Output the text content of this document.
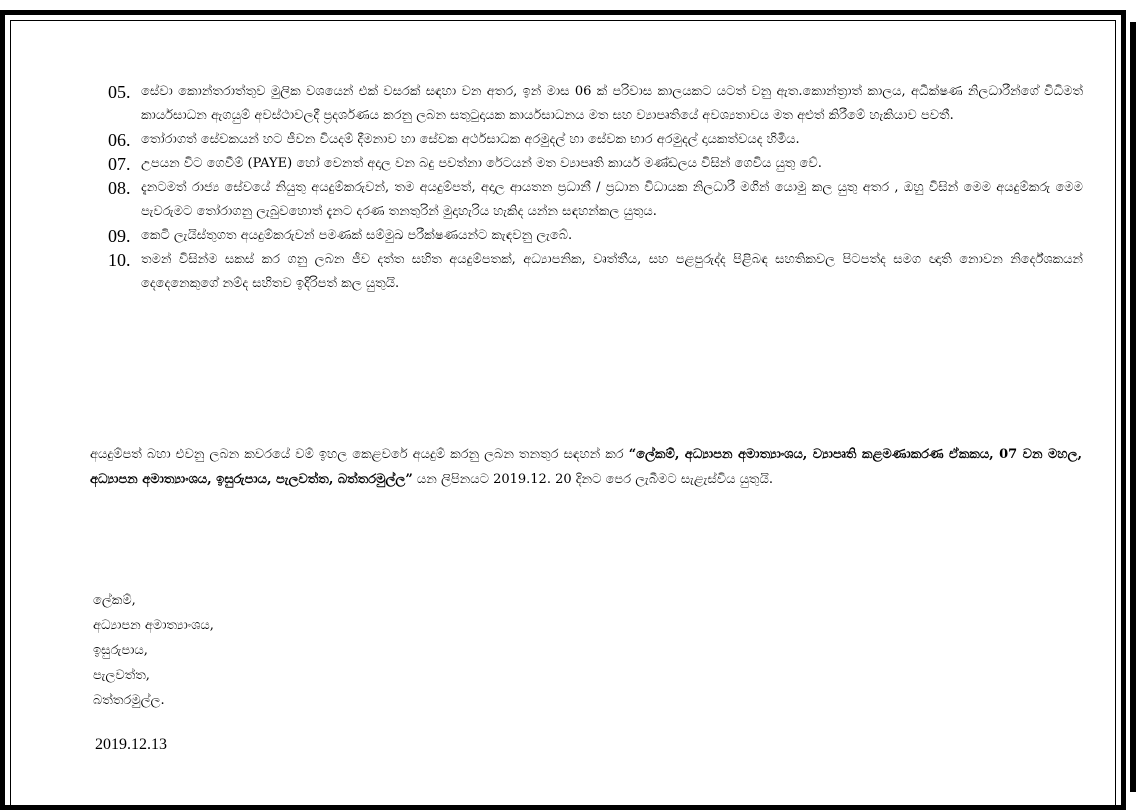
05. සේවා කොන්තරාත්තුව මුලික වශයෙන් එක් වසරක් සඳහා වන අතර, ඉන් මාස 06 ක් පරිවාස කාලයකට යටත් වනු ඇත.කොන්ත්‍රාත් කාලය, අධීක්ෂණ නිලධාරීන්ගේ විධිමත් කාර්යසාධන ඇගයුම් අවස්ථාවලදී ප්‍රදර්ශණය කරනු ලබන සතුටුදායක කාර්යසාධනය මත සහ ව්‍යාපෘතියේ අවශ්‍යතාවය මත අළුත් කිරීමේ හැකියාව පවතී.
06. තෝරාගත් සේවකයන් හට ජීවන වියදම් දීමනාව හා සේවක අර්ථසාධක අරමුදල් හා සේවක භාර අරමුදල් දායකත්වයද හිමිය.
07. උපයන විට ගෙවීම් (PAYE) හෝ වෙනත් අදාල වන බදු පවත්නා රේටයන් මත ව්‍යාපෘති කාර්ය මණ්ඩලය විසින් ගෙවිය යුතු වේ.
08. දැනටමත් රාජ්‍ය සේවයේ නියුතු අයදුම්කරුවන්, තම අයදුම්පත්, අදාල ආයතන ප්‍රධානී / ප්‍රධාන විධායක නිලධාරී මගින් යොමු කල යුතු අතර , ඔහු විසින් මෙම අයදුම්කරු මෙම පැවරුමට තෝරාගනු ලැබුවහොත් දැනට දරණ තනතුරින් මුදාහැරිය හැකිද යන්න සඳහන්කල යුතුය.
09. කෙටි ලැයිස්තුගත අයදුම්කරුවන් පමණක් සම්මුඛ පරීක්ෂණයන්ට කැඳවනු ලැබේ.
10. තමන් විසින්ම සකස් කර ගනු ලබන ජීව දත්ත සහිත අයදුම්පතක්, අධ්‍යාපනික, වෘත්තීය, සහ පළපුරුද්ද පිළිබඳ සහතිකවල පිටපත්ද සමග ඥාති නොවන නිර්දේශකයන් දෙදෙනෙකුගේ නම්ද සහිතව ඉදිරිපත් කල යුතුයි.

අයදුම්පත් බහා එවනු ලබන කවරයේ වම් ඉහල කෙළවරේ අයදුම් කරනු ලබන තනතුර සඳහන් කර “ලේකම්, අධ්‍යාපන අමාත්‍යාංශය, ව්‍යාපෘති කළමණාකරණ ඒකකය, 07 වන මහල, අධ්‍යාපන අමාත්‍යාංශය, ඉසුරුපාය, පැලවත්ත, බත්තරමුල්ල” යන ලිපිනයට 2019.12. 20 දිනට පෙර ලැබීමට සැළැස්විය යුතුයි.

ලේකම්,
අධ්‍යාපන අමාත්‍යාංශය,
ඉසුරුපාය,
පැලවත්ත,
බත්තරමුල්ල.
2019.12.13
